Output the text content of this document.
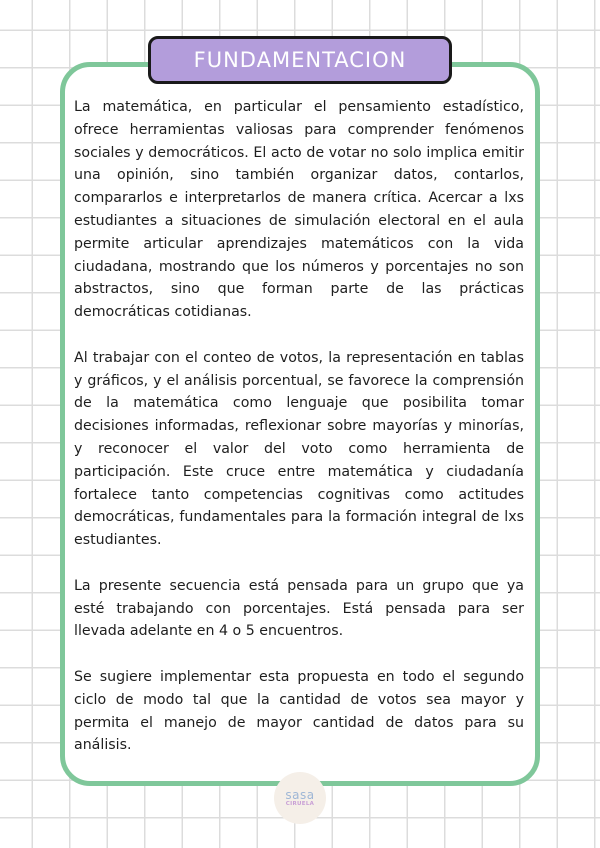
FUNDAMENTACION

La matemática, en particular el pensamiento estadístico, ofrece herramientas valiosas para comprender fenómenos sociales y democráticos. El acto de votar no solo implica emitir una opinión, sino también organizar datos, contarlos, compararlos e interpretarlos de manera crítica. Acercar a lxs estudiantes a situaciones de simulación electoral en el aula permite articular aprendizajes matemáticos con la vida ciudadana, mostrando que los números y porcentajes no son abstractos, sino que forman parte de las prácticas democráticas cotidianas.

Al trabajar con el conteo de votos, la representación en tablas y gráficos, y el análisis porcentual, se favorece la comprensión de la matemática como lenguaje que posibilita tomar decisiones informadas, reflexionar sobre mayorías y minorías, y reconocer el valor del voto como herramienta de participación. Este cruce entre matemática y ciudadanía fortalece tanto competencias cognitivas como actitudes democráticas, fundamentales para la formación integral de lxs estudiantes.

La presente secuencia está pensada para un grupo que ya esté trabajando con porcentajes. Está pensada para ser llevada adelante en 4 o 5 encuentros.

Se sugiere implementar esta propuesta en todo el segundo ciclo de modo tal que la cantidad de votos sea mayor y permita el manejo de mayor cantidad de datos para su análisis.

sasa
CIRUELA
